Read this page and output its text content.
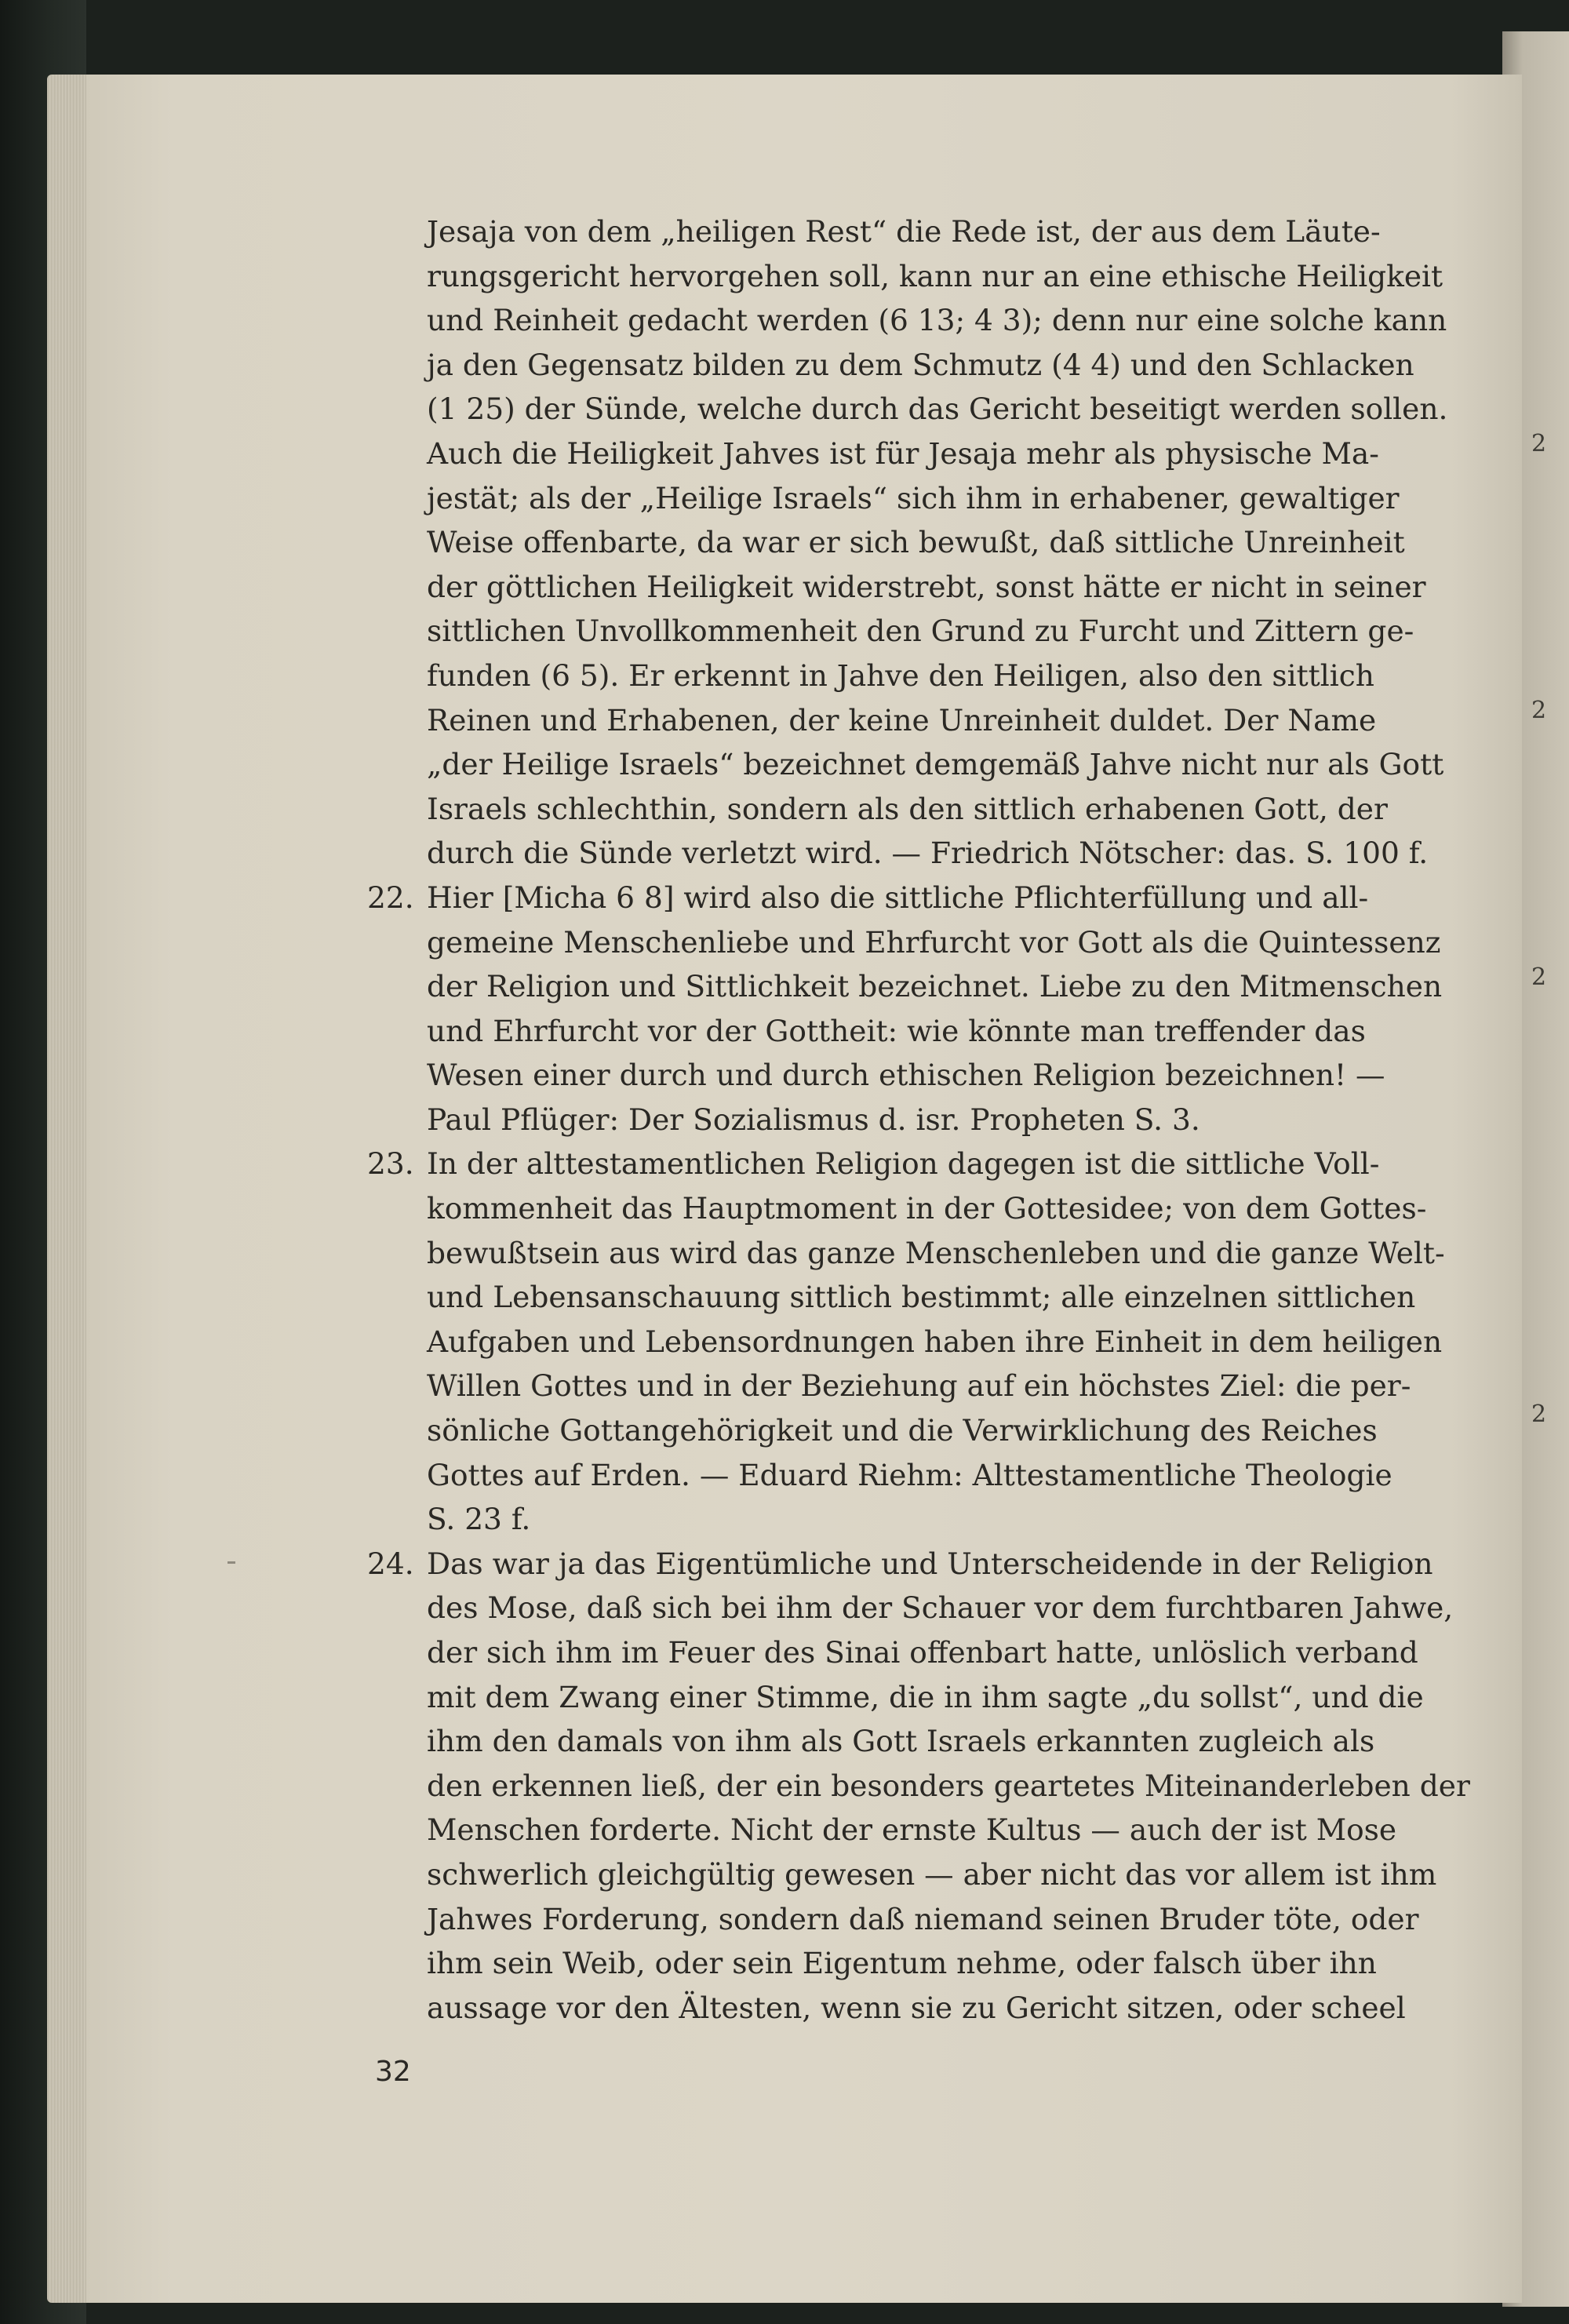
2
2
2
2
Jesaja von dem „heiligen Rest“ die Rede ist, der aus dem Läute-
rungsgericht hervorgehen soll, kann nur an eine ethische Heiligkeit
und Reinheit gedacht werden (6 13; 4 3); denn nur eine solche kann
ja den Gegensatz bilden zu dem Schmutz (4 4) und den Schlacken
(1 25) der Sünde, welche durch das Gericht beseitigt werden sollen.
Auch die Heiligkeit Jahves ist für Jesaja mehr als physische Ma-
jestät; als der „Heilige Israels“ sich ihm in erhabener, gewaltiger
Weise offenbarte, da war er sich bewußt, daß sittliche Unreinheit
der göttlichen Heiligkeit widerstrebt, sonst hätte er nicht in seiner
sittlichen Unvollkommenheit den Grund zu Furcht und Zittern ge-
funden (6 5). Er erkennt in Jahve den Heiligen, also den sittlich
Reinen und Erhabenen, der keine Unreinheit duldet. Der Name
„der Heilige Israels“ bezeichnet demgemäß Jahve nicht nur als Gott
Israels schlechthin, sondern als den sittlich erhabenen Gott, der
durch die Sünde verletzt wird. — Friedrich Nötscher: das. S. 100 f.
22. Hier [Micha 6 8] wird also die sittliche Pflichterfüllung und all-
gemeine Menschenliebe und Ehrfurcht vor Gott als die Quintessenz
der Religion und Sittlichkeit bezeichnet. Liebe zu den Mitmenschen
und Ehrfurcht vor der Gottheit: wie könnte man treffender das
Wesen einer durch und durch ethischen Religion bezeichnen! —
Paul Pflüger: Der Sozialismus d. isr. Propheten S. 3.
23. In der alttestamentlichen Religion dagegen ist die sittliche Voll-
kommenheit das Hauptmoment in der Gottesidee; von dem Gottes-
bewußtsein aus wird das ganze Menschenleben und die ganze Welt-
und Lebensanschauung sittlich bestimmt; alle einzelnen sittlichen
Aufgaben und Lebensordnungen haben ihre Einheit in dem heiligen
Willen Gottes und in der Beziehung auf ein höchstes Ziel: die per-
sönliche Gottangehörigkeit und die Verwirklichung des Reiches
Gottes auf Erden. — Eduard Riehm: Alttestamentliche Theologie
S. 23 f.
24. Das war ja das Eigentümliche und Unterscheidende in der Religion
des Mose, daß sich bei ihm der Schauer vor dem furchtbaren Jahwe,
der sich ihm im Feuer des Sinai offenbart hatte, unlöslich verband
mit dem Zwang einer Stimme, die in ihm sagte „du sollst“, und die
ihm den damals von ihm als Gott Israels erkannten zugleich als
den erkennen ließ, der ein besonders geartetes Miteinanderleben der
Menschen forderte. Nicht der ernste Kultus — auch der ist Mose
schwerlich gleichgültig gewesen — aber nicht das vor allem ist ihm
Jahwes Forderung, sondern daß niemand seinen Bruder töte, oder
ihm sein Weib, oder sein Eigentum nehme, oder falsch über ihn
aussage vor den Ältesten, wenn sie zu Gericht sitzen, oder scheel
32
